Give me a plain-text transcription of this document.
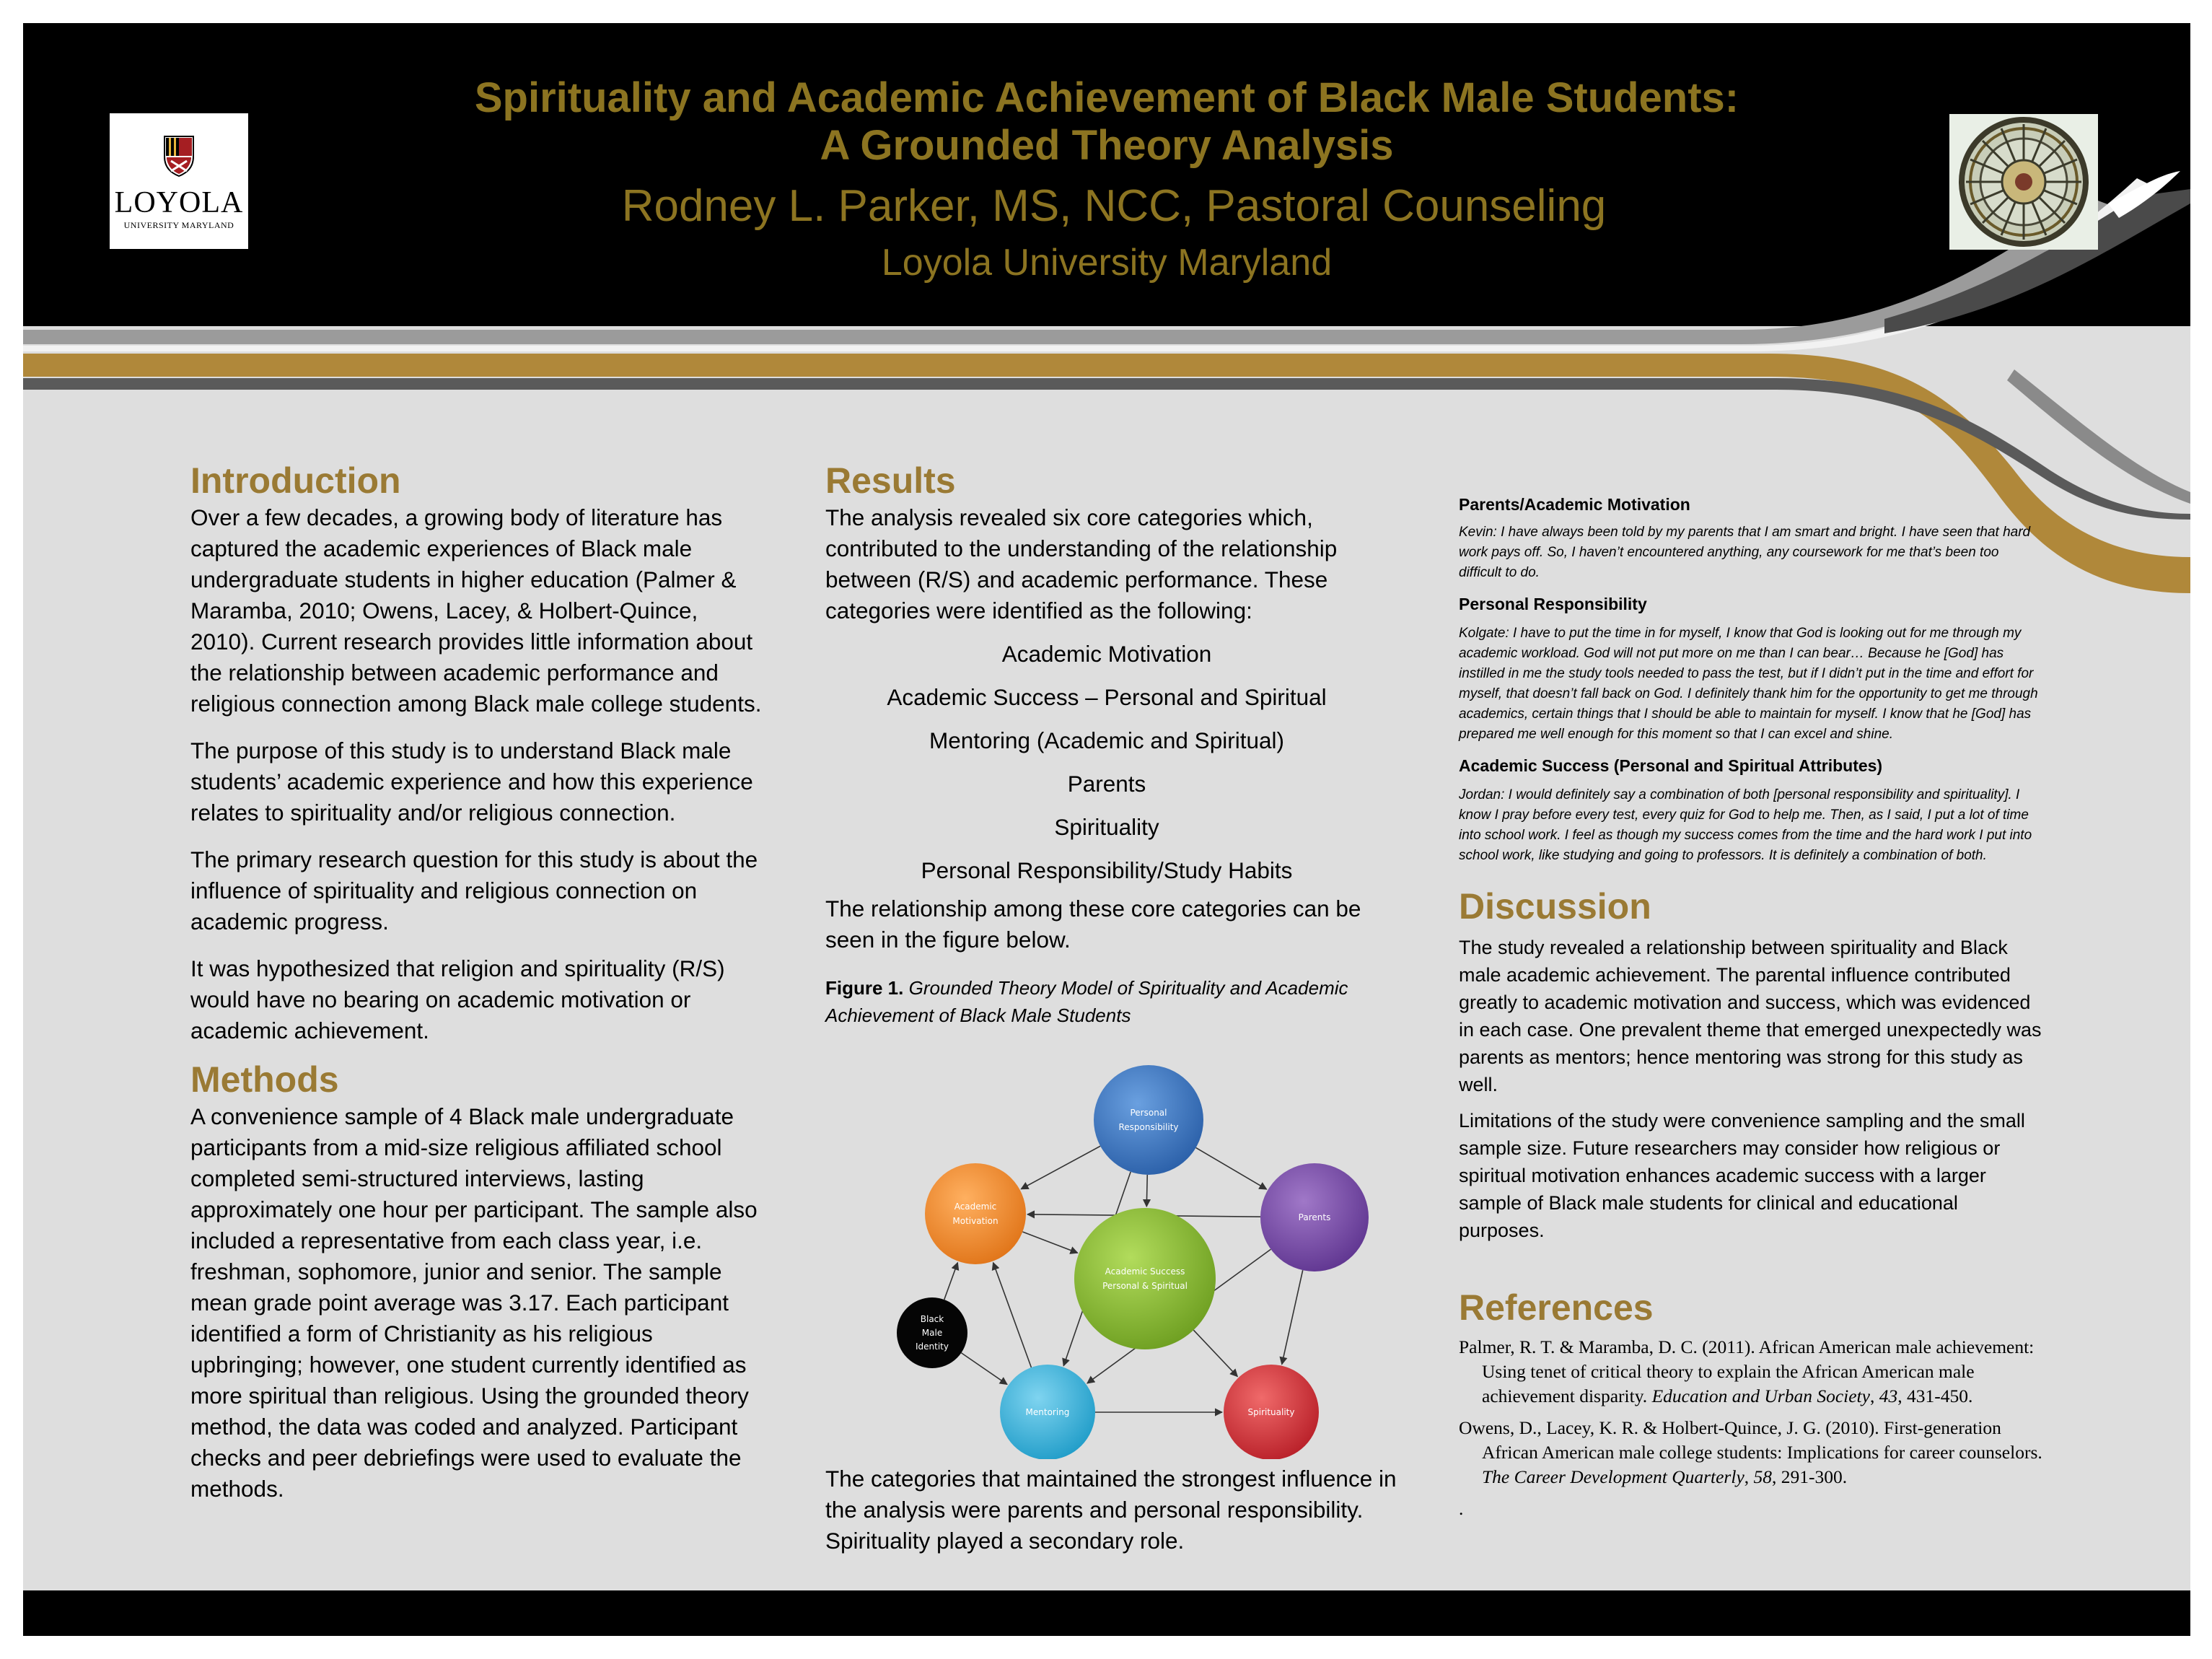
LOYOLA
UNIVERSITY MARYLAND
Spirituality and Academic Achievement of Black Male Students:
A Grounded Theory Analysis
Rodney L. Parker, MS, NCC, Pastoral Counseling
Loyola University Maryland
Introduction

Over a few decades, a growing body of literature has captured the academic experiences of Black male undergraduate students in higher education (Palmer & Maramba, 2010; Owens, Lacey, & Holbert-Quince, 2010). Current research provides little information about the relationship between academic performance and religious connection among Black male college students.

The purpose of this study is to understand Black male students’ academic experience and how this experience relates to spirituality and/or religious connection.

The primary research question for this study is about the influence of spirituality and religious connection on academic progress.

It was hypothesized that religion and spirituality (R/S) would have no bearing on academic motivation or academic achievement.

Methods

A convenience sample of 4 Black male undergraduate participants from a mid-size religious affiliated school completed semi-structured interviews, lasting approximately one hour per participant. The sample also included a representative from each class year, i.e. freshman, sophomore, junior and senior. The sample mean grade point average was 3.17. Each participant identified a form of Christianity as his religious upbringing; however, one student currently identified as more spiritual than religious. Using the grounded theory method, the data was coded and analyzed. Participant checks and peer debriefings were used to evaluate the methods.

Results

The analysis revealed six core categories which, contributed to the understanding of the relationship between (R/S) and academic performance. These categories were identified as the following:

Academic Motivation

Academic Success – Personal and Spiritual

Mentoring (Academic and Spiritual)

Parents

Spirituality

Personal Responsibility/Study Habits

The relationship among these core categories can be seen in the figure below.

Figure 1. Grounded Theory Model of Spirituality and Academic Achievement of Black Male Students

Personal
Responsibility
Academic
Motivation	Parents
Academic Success
Personal & Spiritual
Black
Male
Identity
Mentoring	Spirituality

The categories that maintained the strongest influence in the analysis were parents and personal responsibility. Spirituality played a secondary role.

Parents/Academic Motivation

Kevin: I have always been told by my parents that I am smart and bright. I have seen that hard work pays off. So, I haven’t encountered anything, any coursework for me that’s been too difficult to do.

Personal Responsibility

Kolgate: I have to put the time in for myself, I know that God is looking out for me through my academic workload. God will not put more on me than I can bear… Because he [God] has instilled in me the study tools needed to pass the test, but if I didn’t put in the time and effort for myself, that doesn’t fall back on God. I definitely thank him for the opportunity to get me through academics, certain things that I should be able to maintain for myself. I know that he [God] has prepared me well enough for this moment so that I can excel and shine.

Academic Success (Personal and Spiritual Attributes)

Jordan: I would definitely say a combination of both [personal responsibility and spirituality]. I know I pray before every test, every quiz for God to help me. Then, as I said, I put a lot of time into school work. I feel as though my success comes from the time and the hard work I put into school work, like studying and going to professors. It is definitely a combination of both.

Discussion

The study revealed a relationship between spirituality and Black male academic achievement. The parental influence contributed greatly to academic motivation and success, which was evidenced in each case. One prevalent theme that emerged unexpectedly was parents as mentors; hence mentoring was strong for this study as well.

Limitations of the study were convenience sampling and the small sample size. Future researchers may consider how religious or spiritual motivation enhances academic success with a larger sample of Black male students for clinical and educational purposes.

References

Palmer, R. T. & Maramba, D. C. (2011). African American male achievement: Using tenet of critical theory to explain the African American male achievement disparity. Education and Urban Society, 43, 431-450.

Owens, D., Lacey, K. R. & Holbert-Quince, J. G. (2010). First-generation African American male college students: Implications for career counselors. The Career Development Quarterly, 58, 291-300.

.
